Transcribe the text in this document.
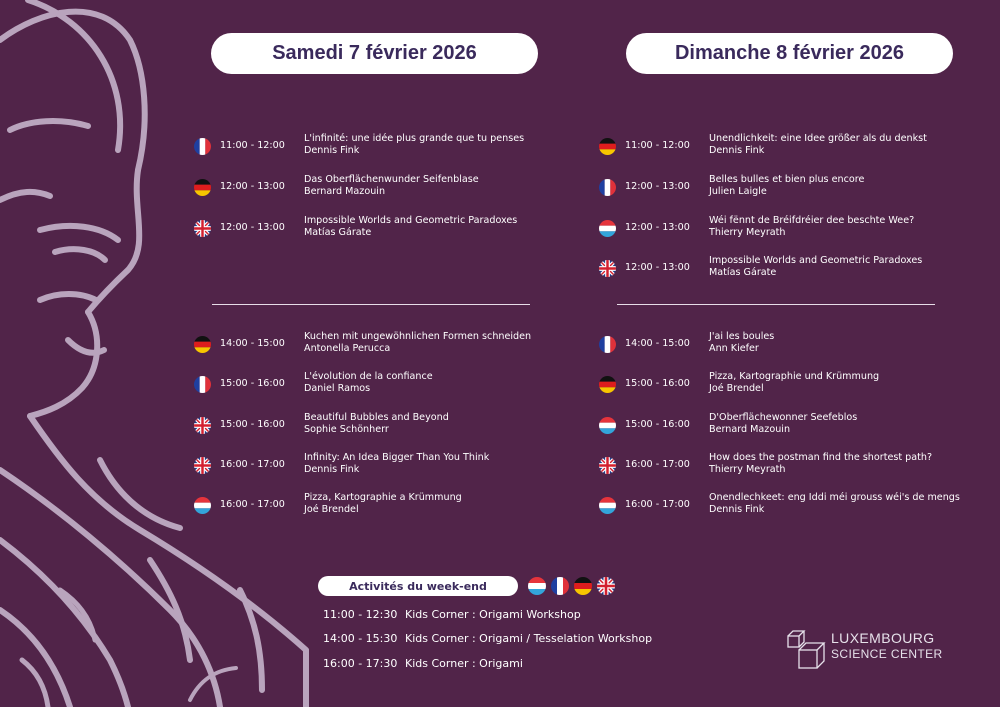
Samedi 7 février 2026	Dimanche 8 février 2026
11:00 - 12:00
L'infinité: une idée plus grande que tu penses
Dennis Fink
12:00 - 13:00
Das Oberflächenwunder Seifenblase
Bernard Mazouin
12:00 - 13:00
Impossible Worlds and Geometric Paradoxes
Matías Gárate
14:00 - 15:00
Kuchen mit ungewöhnlichen Formen schneiden
Antonella Perucca
15:00 - 16:00
L'évolution de la confiance
Daniel Ramos
15:00 - 16:00
Beautiful Bubbles and Beyond
Sophie Schönherr
16:00 - 17:00
Infinity: An Idea Bigger Than You Think
Dennis Fink
16:00 - 17:00
Pizza, Kartographie a Krümmung
Joé Brendel
11:00 - 12:00
Unendlichkeit: eine Idee größer als du denkst
Dennis Fink
12:00 - 13:00
Belles bulles et bien plus encore
Julien Laigle
12:00 - 13:00
Wéi fënnt de Bréifdréier dee beschte Wee?
Thierry Meyrath
12:00 - 13:00
Impossible Worlds and Geometric Paradoxes
Matías Gárate
14:00 - 15:00
J'ai les boules
Ann Kiefer
15:00 - 16:00
Pizza, Kartographie und Krümmung
Joé Brendel
15:00 - 16:00
D'Oberflächewonner Seefeblos
Bernard Mazouin
16:00 - 17:00
How does the postman find the shortest path?
Thierry Meyrath
16:00 - 17:00
Onendlechkeet: eng Iddi méi grouss wéi's de mengs
Dennis Fink
Activités du week-end
11:00 - 12:30 Kids Corner : Origami Workshop
14:00 - 15:30 Kids Corner : Origami / Tesselation Workshop
16:00 - 17:30 Kids Corner : Origami
LUXEMBOURG
SCIENCE CENTER
